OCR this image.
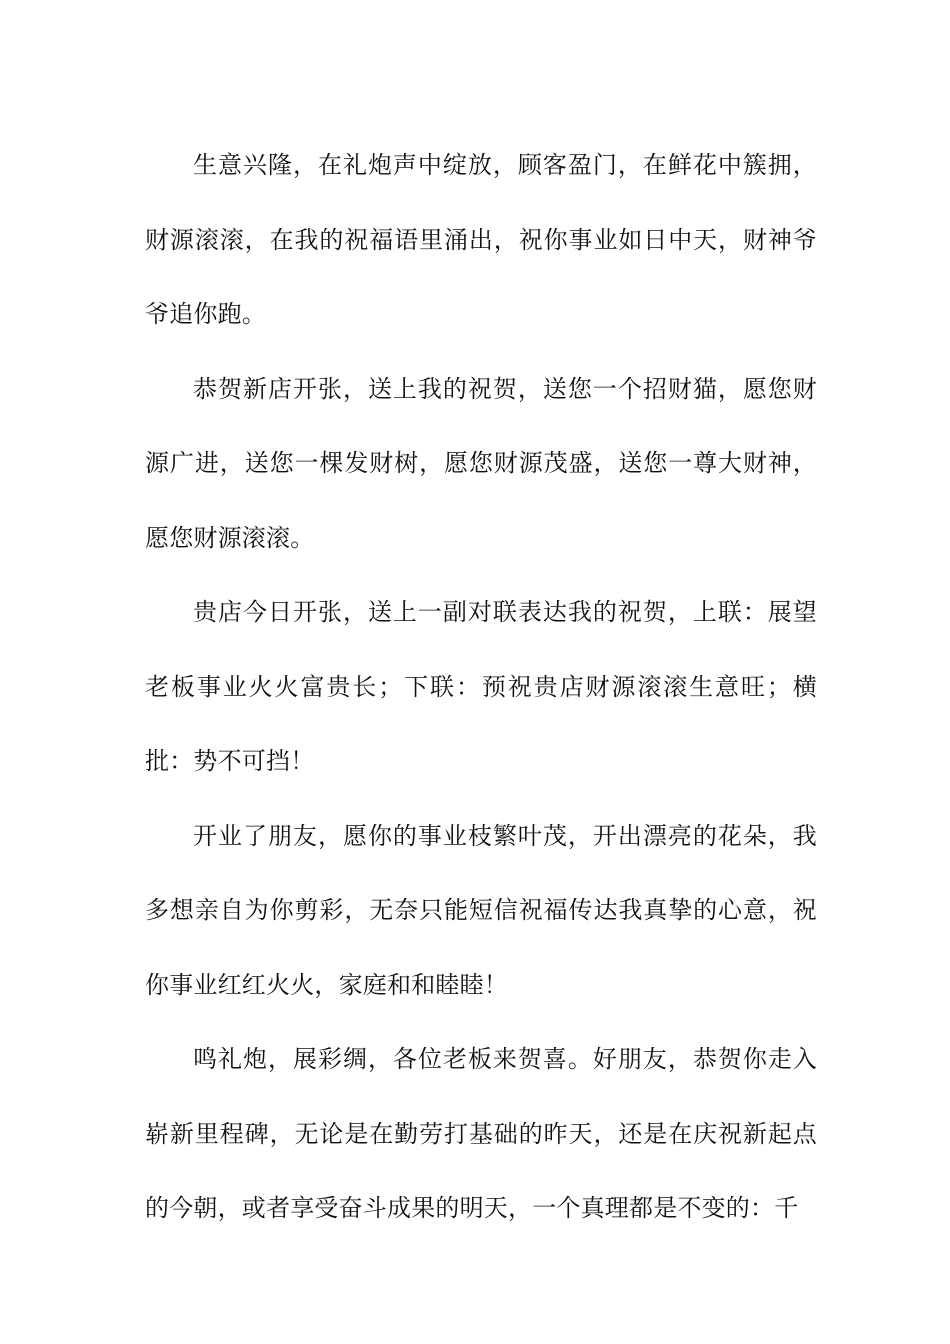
生意兴隆，在礼炮声中绽放，顾客盈门，在鲜花中簇拥，财源滚滚，在我的祝福语里涌出，祝你事业如日中天，财神爷爷追你跑。

恭贺新店开张，送上我的祝贺，送您一个招财猫，愿您财源广进，送您一棵发财树，愿您财源茂盛，送您一尊大财神，愿您财源滚滚。

贵店今日开张，送上一副对联表达我的祝贺，上联：展望老板事业火火富贵长；下联：预祝贵店财源滚滚生意旺；横批：势不可挡！

开业了朋友，愿你的事业枝繁叶茂，开出漂亮的花朵，我多想亲自为你剪彩，无奈只能短信祝福传达我真挚的心意，祝你事业红红火火，家庭和和睦睦！

鸣礼炮，展彩绸，各位老板来贺喜。好朋友，恭贺你走入崭新里程碑，无论是在勤劳打基础的昨天，还是在庆祝新起点的今朝，或者享受奋斗成果的明天，一个真理都是不变的：千
